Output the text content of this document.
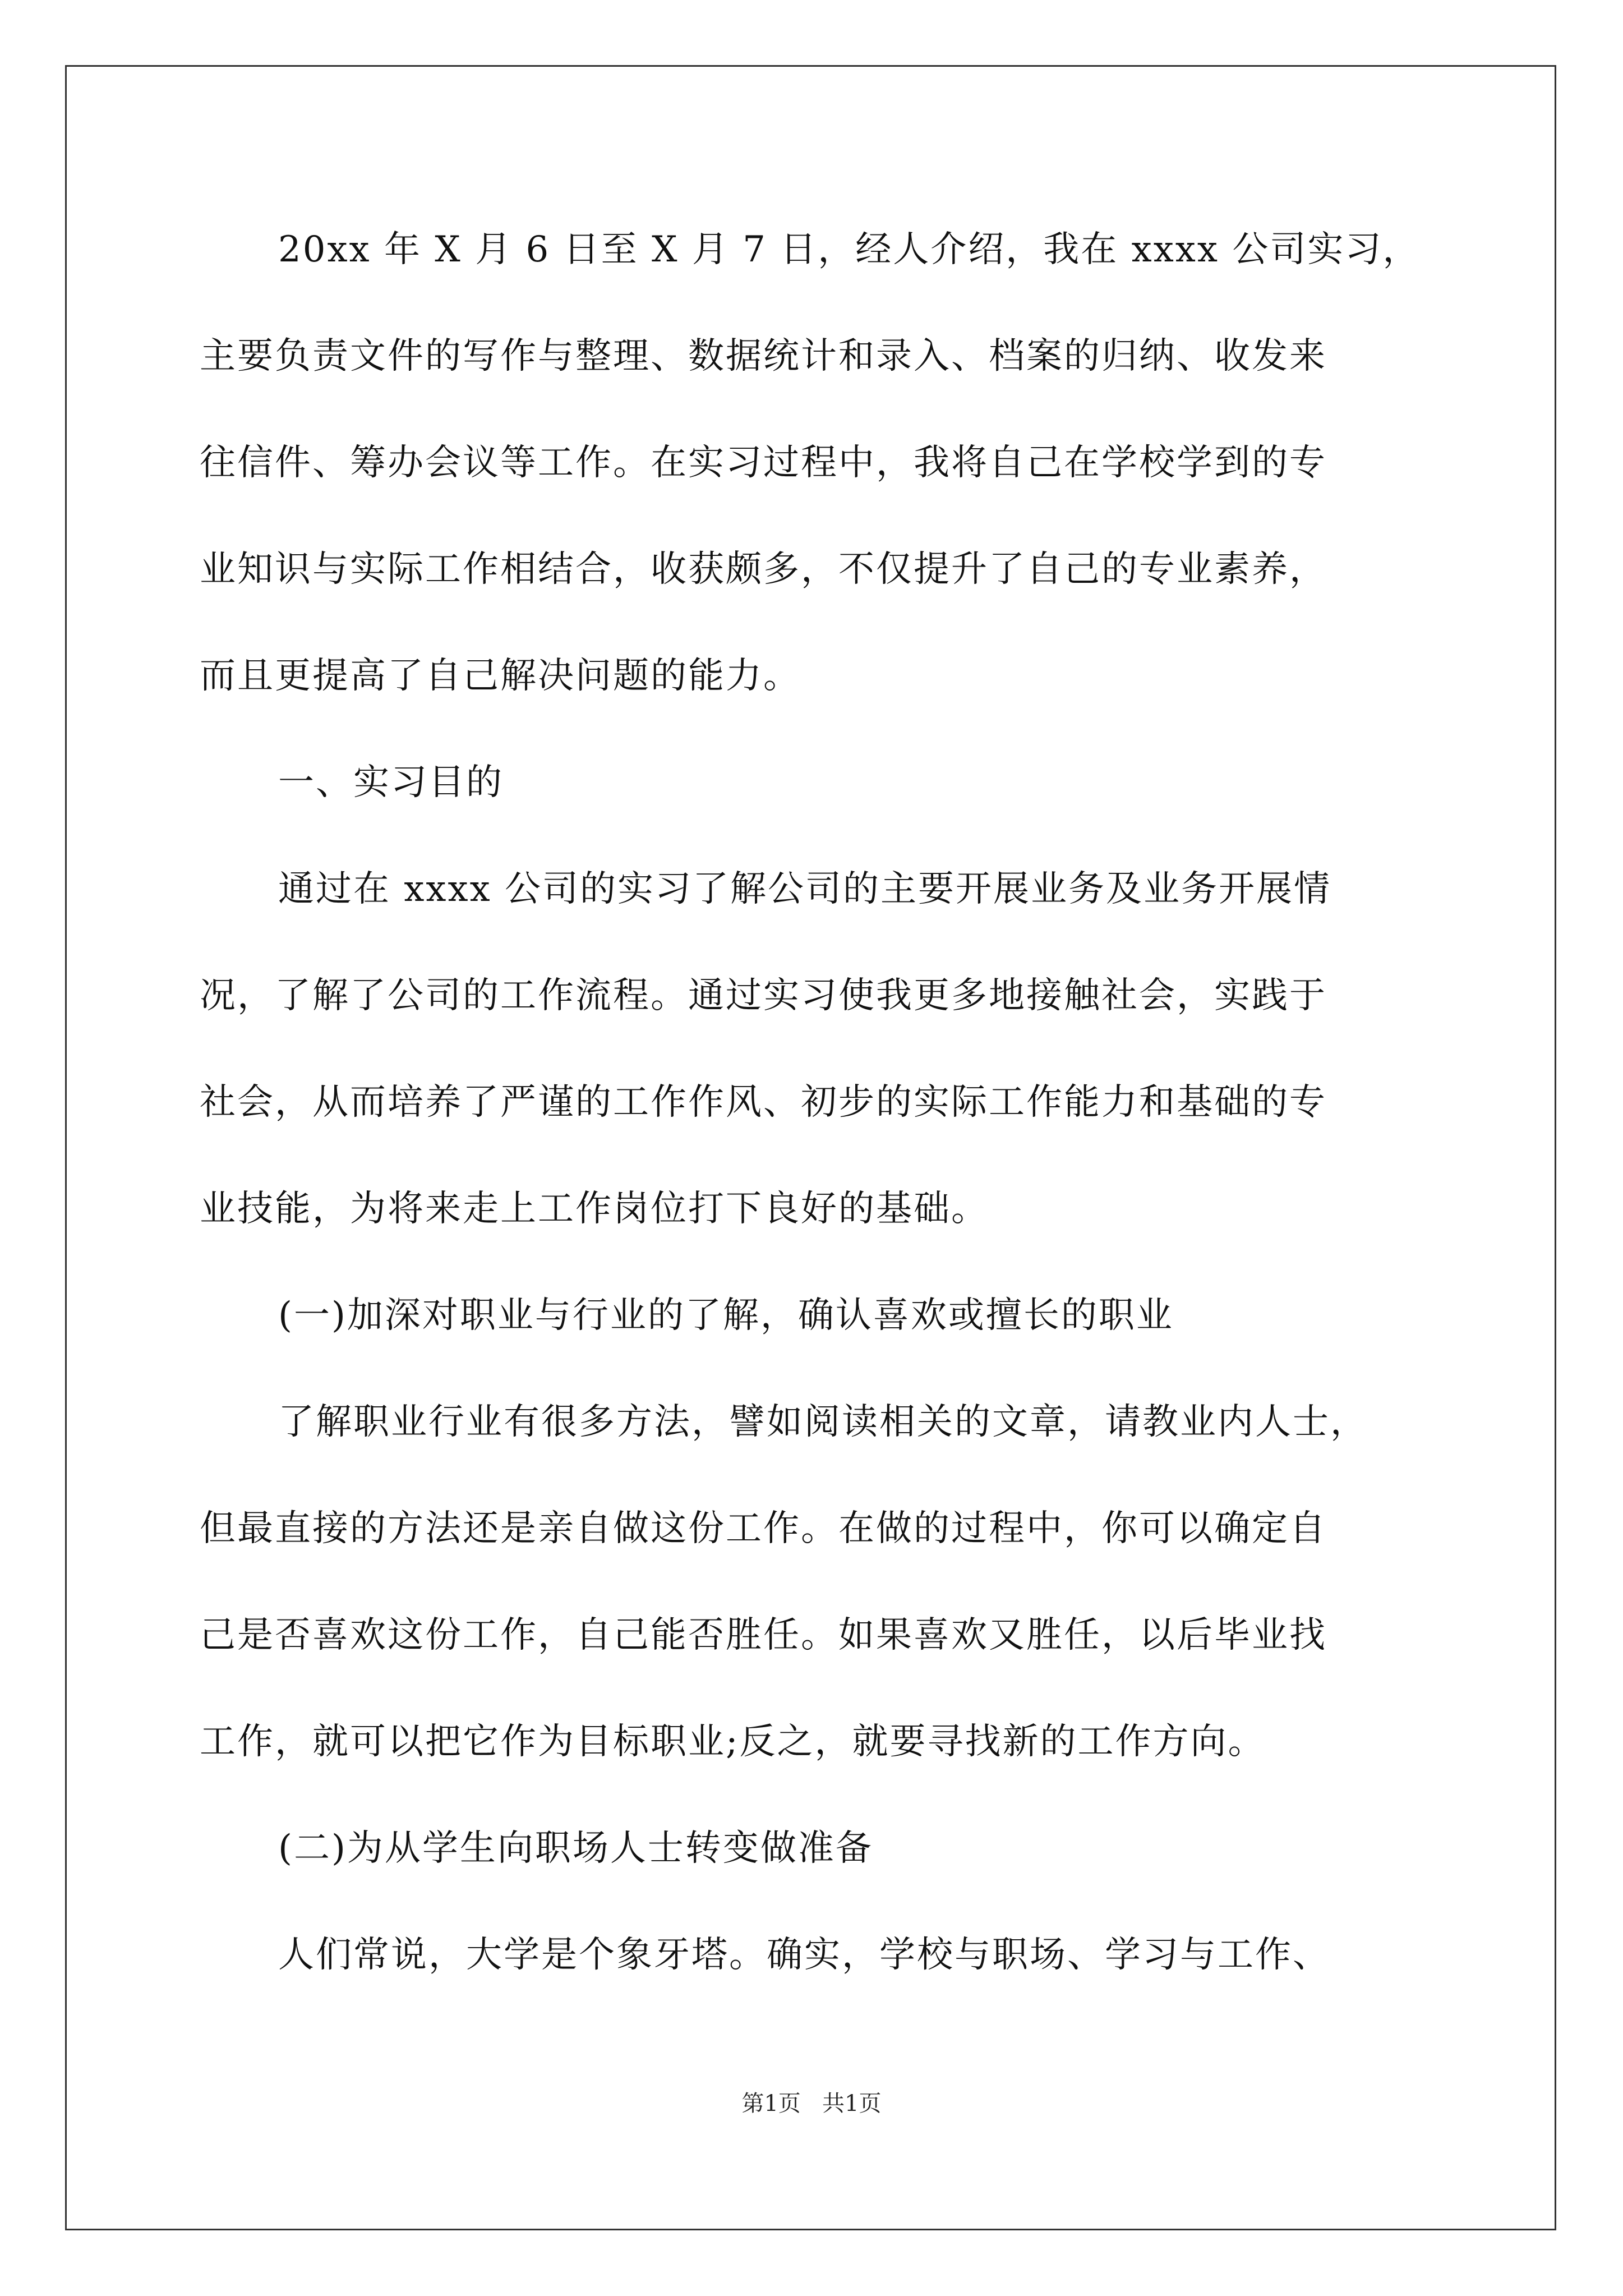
20xx 年 X 月 6 日至 X 月 7 日，经人介绍，我在 xxxx 公司实习，
主要负责文件的写作与整理、数据统计和录入、档案的归纳、收发来
往信件、筹办会议等工作。在实习过程中，我将自己在学校学到的专
业知识与实际工作相结合，收获颇多，不仅提升了自己的专业素养，
而且更提高了自己解决问题的能力。
一、实习目的
通过在 xxxx 公司的实习了解公司的主要开展业务及业务开展情
况，了解了公司的工作流程。通过实习使我更多地接触社会，实践于
社会，从而培养了严谨的工作作风、初步的实际工作能力和基础的专
业技能，为将来走上工作岗位打下良好的基础。
(一)加深对职业与行业的了解，确认喜欢或擅长的职业
了解职业行业有很多方法，譬如阅读相关的文章，请教业内人士，
但最直接的方法还是亲自做这份工作。在做的过程中，你可以确定自
己是否喜欢这份工作，自己能否胜任。如果喜欢又胜任，以后毕业找
工作，就可以把它作为目标职业;反之，就要寻找新的工作方向。
(二)为从学生向职场人士转变做准备
人们常说，大学是个象牙塔。确实，学校与职场、学习与工作、
第1页   共1页
